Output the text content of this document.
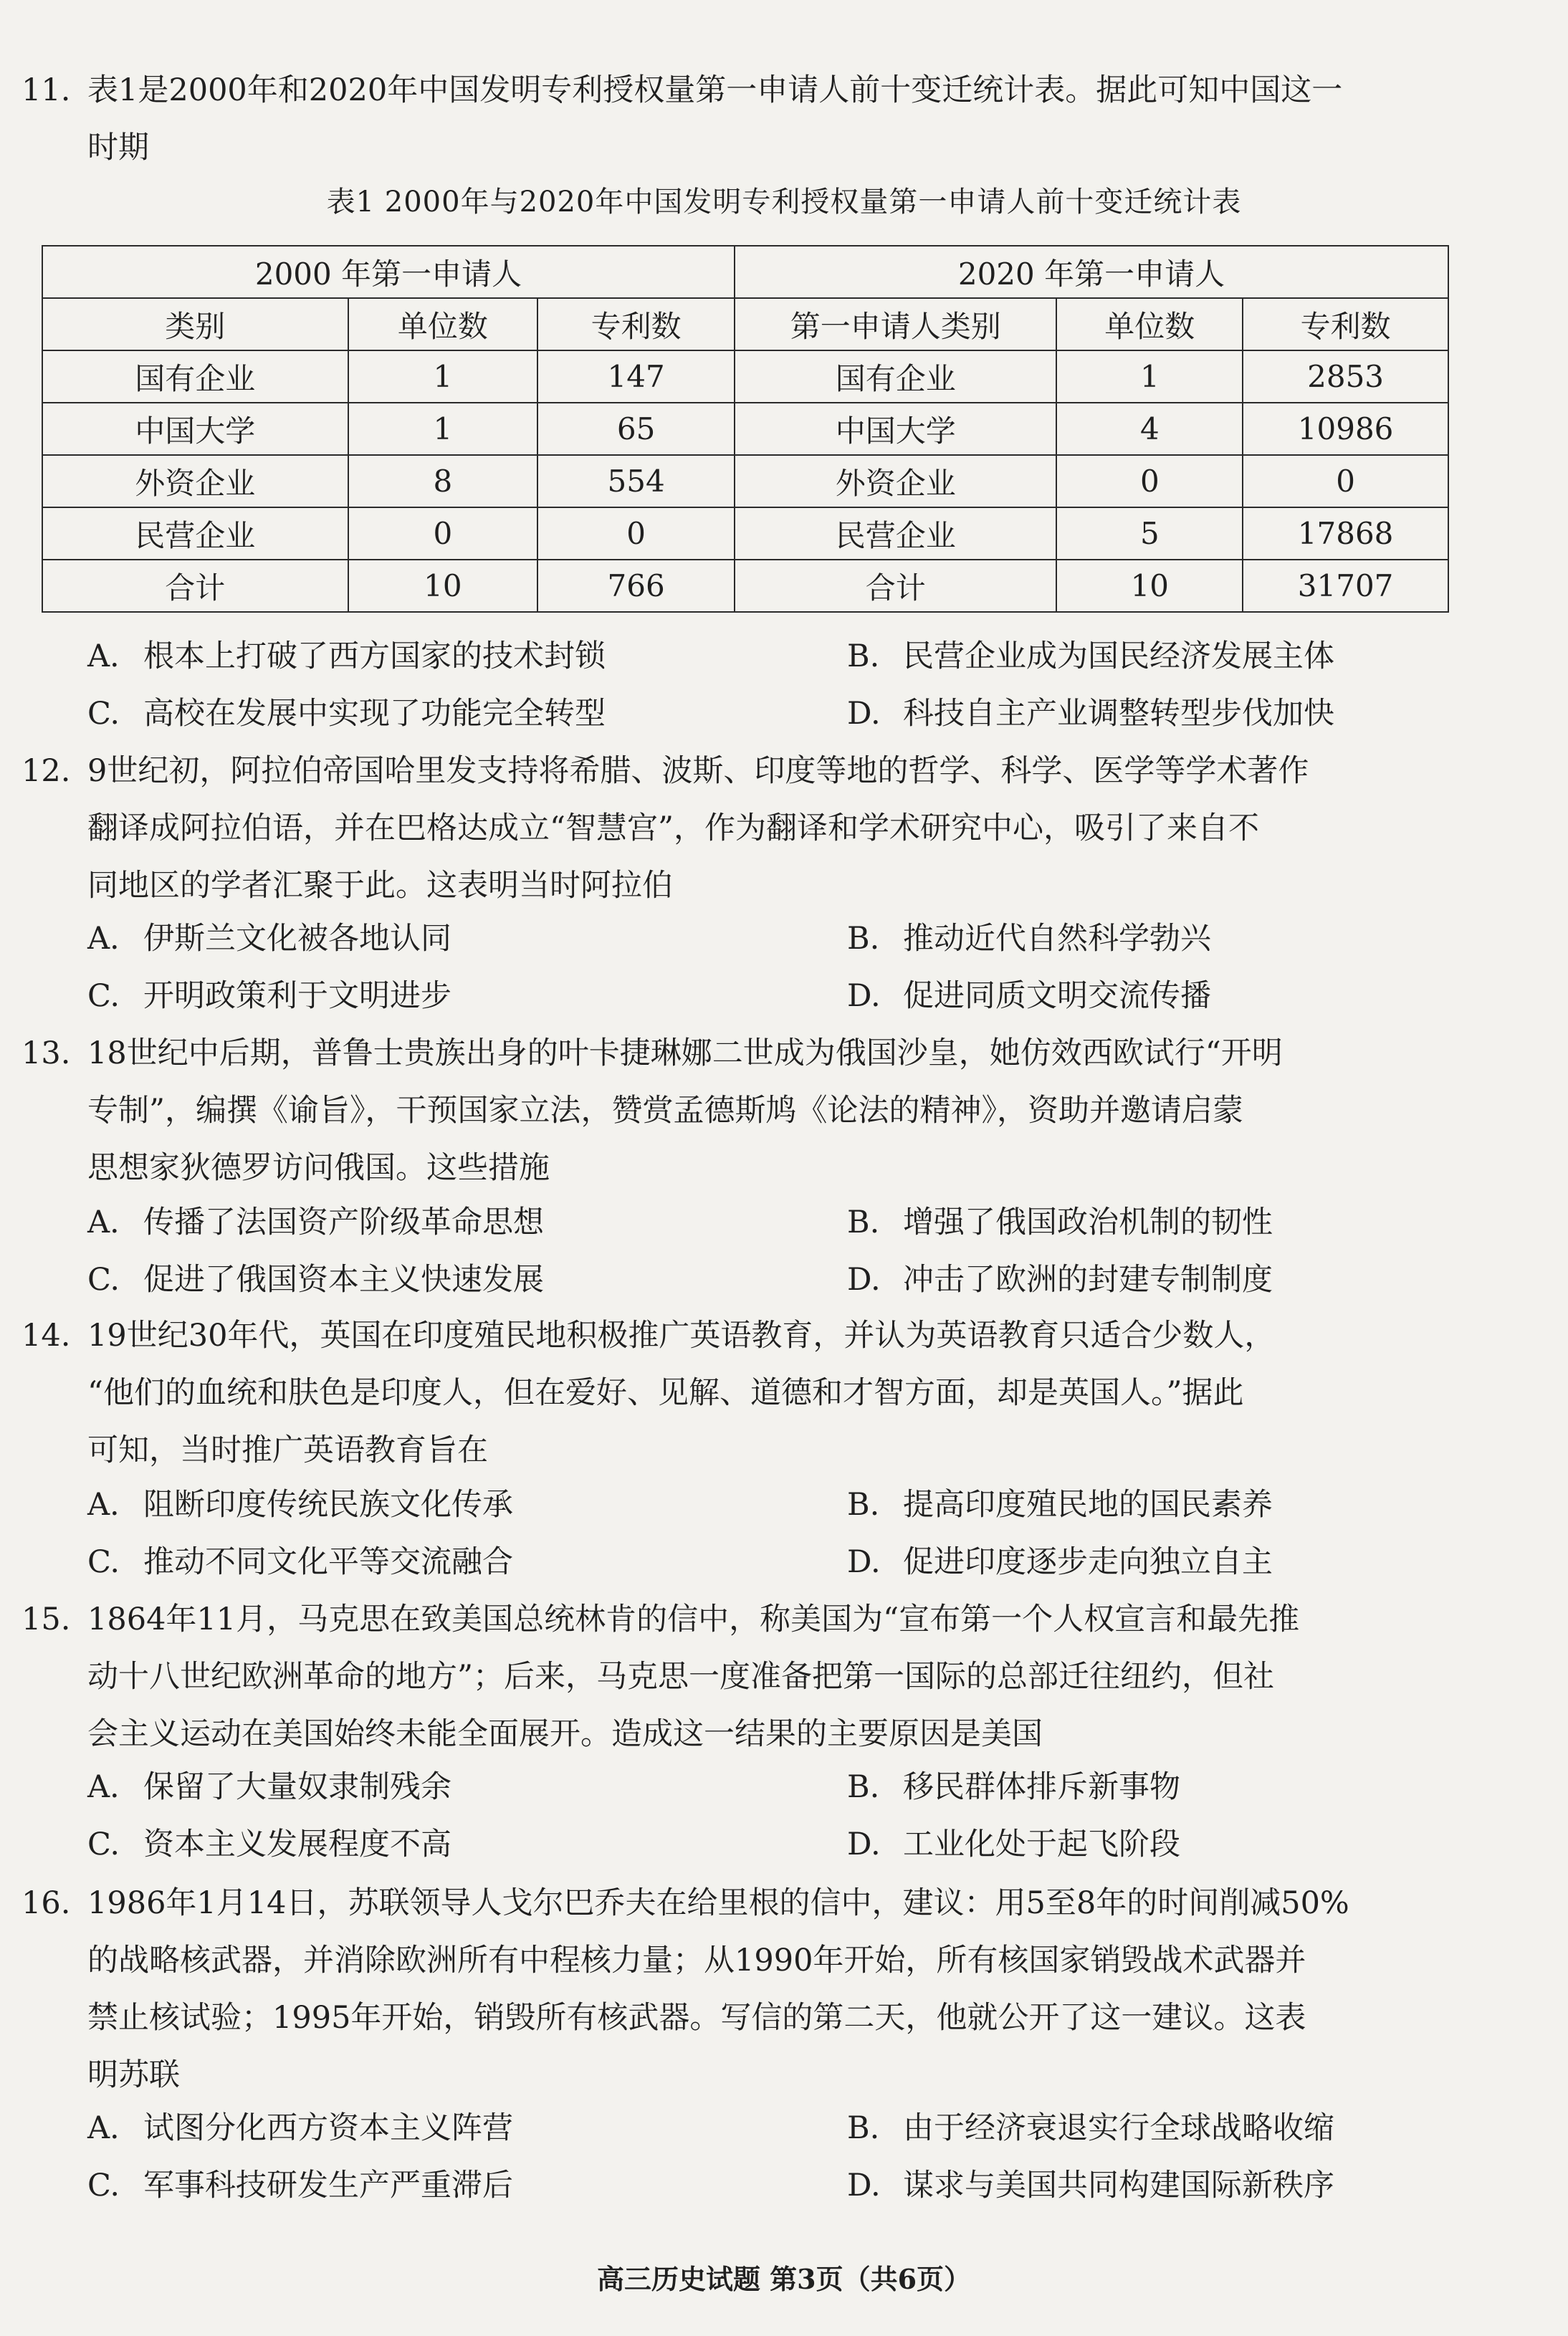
11. 表1是2000年和2020年中国发明专利授权量第一申请人前十变迁统计表。据此可知中国这一
时期
表1 2000年与2020年中国发明专利授权量第一申请人前十变迁统计表
2000 年第一申请人			2020 年第一申请人		
类别	单位数	专利数	第一申请人类别	单位数	专利数
国有企业	1	147	国有企业	1	2853
中国大学	1	65	中国大学	4	10986
外资企业	8	554	外资企业	0	0
民营企业	0	0	民营企业	5	17868
合计	10	766	合计	10	31707
A. 根本上打破了西方国家的技术封锁	B. 民营企业成为国民经济发展主体
C. 高校在发展中实现了功能完全转型	D. 科技自主产业调整转型步伐加快
12. 9世纪初，阿拉伯帝国哈里发支持将希腊、波斯、印度等地的哲学、科学、医学等学术著作
翻译成阿拉伯语，并在巴格达成立“智慧宫”，作为翻译和学术研究中心，吸引了来自不
同地区的学者汇聚于此。这表明当时阿拉伯
A. 伊斯兰文化被各地认同	B. 推动近代自然科学勃兴
C. 开明政策利于文明进步	D. 促进同质文明交流传播
13. 18世纪中后期，普鲁士贵族出身的叶卡捷琳娜二世成为俄国沙皇，她仿效西欧试行“开明
专制”，编撰《谕旨》，干预国家立法，赞赏孟德斯鸠《论法的精神》，资助并邀请启蒙
思想家狄德罗访问俄国。这些措施
A. 传播了法国资产阶级革命思想	B. 增强了俄国政治机制的韧性
C. 促进了俄国资本主义快速发展	D. 冲击了欧洲的封建专制制度
14. 19世纪30年代，英国在印度殖民地积极推广英语教育，并认为英语教育只适合少数人，
“他们的血统和肤色是印度人，但在爱好、见解、道德和才智方面，却是英国人。”据此
可知，当时推广英语教育旨在
A. 阻断印度传统民族文化传承	B. 提高印度殖民地的国民素养
C. 推动不同文化平等交流融合	D. 促进印度逐步走向独立自主
15. 1864年11月，马克思在致美国总统林肯的信中，称美国为“宣布第一个人权宣言和最先推
动十八世纪欧洲革命的地方”；后来，马克思一度准备把第一国际的总部迁往纽约，但社
会主义运动在美国始终未能全面展开。造成这一结果的主要原因是美国
A. 保留了大量奴隶制残余	B. 移民群体排斥新事物
C. 资本主义发展程度不高	D. 工业化处于起飞阶段
16. 1986年1月14日，苏联领导人戈尔巴乔夫在给里根的信中，建议：用5至8年的时间削减50%
的战略核武器，并消除欧洲所有中程核力量；从1990年开始，所有核国家销毁战术武器并
禁止核试验；1995年开始，销毁所有核武器。写信的第二天，他就公开了这一建议。这表
明苏联
A. 试图分化西方资本主义阵营	B. 由于经济衰退实行全球战略收缩
C. 军事科技研发生产严重滞后	D. 谋求与美国共同构建国际新秩序
高三历史试题 第3页（共6页）
